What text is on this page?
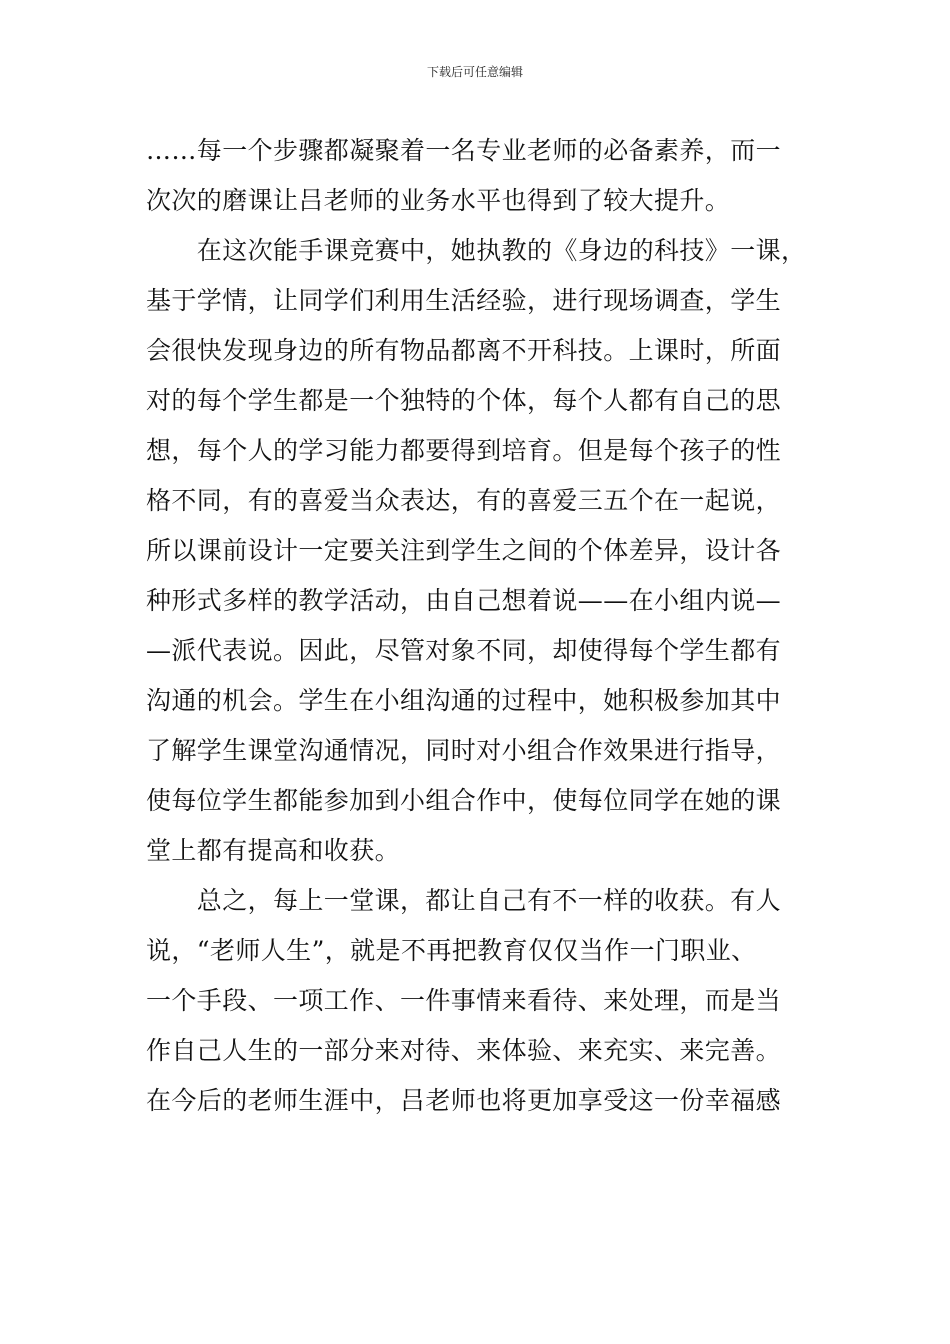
下载后可任意编辑
……每一个步骤都凝聚着一名专业老师的必备素养，而一
次次的磨课让吕老师的业务水平也得到了较大提升。
　　在这次能手课竞赛中，她执教的《身边的科技》一课，
基于学情，让同学们利用生活经验，进行现场调查，学生
会很快发现身边的所有物品都离不开科技。上课时，所面
对的每个学生都是一个独特的个体，每个人都有自己的思
想，每个人的学习能力都要得到培育。但是每个孩子的性
格不同，有的喜爱当众表达，有的喜爱三五个在一起说，
所以课前设计一定要关注到学生之间的个体差异，设计各
种形式多样的教学活动，由自己想着说——在小组内说—
—派代表说。因此，尽管对象不同，却使得每个学生都有
沟通的机会。学生在小组沟通的过程中，她积极参加其中
了解学生课堂沟通情况，同时对小组合作效果进行指导，
使每位学生都能参加到小组合作中，使每位同学在她的课
堂上都有提高和收获。
　　总之，每上一堂课，都让自己有不一样的收获。有人
说，“老师人生”，就是不再把教育仅仅当作一门职业、
一个手段、一项工作、一件事情来看待、来处理，而是当
作自己人生的一部分来对待、来体验、来充实、来完善。
在今后的老师生涯中，吕老师也将更加享受这一份幸福感
